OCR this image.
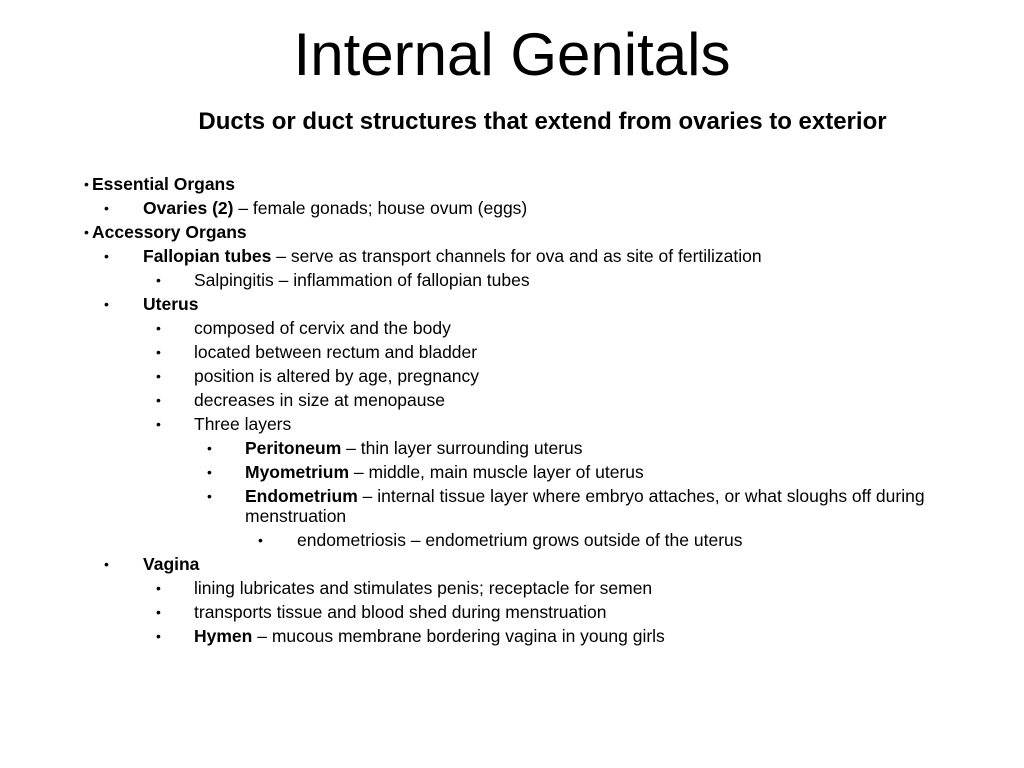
Internal Genitals
Ducts or duct structures that extend from ovaries to exterior
• Essential Organs
• Ovaries (2) – female gonads; house ovum (eggs)
• Accessory Organs
• Fallopian tubes – serve as transport channels for ova and as site of fertilization
• Salpingitis – inflammation of fallopian tubes
• Uterus
• composed of cervix and the body
• located between rectum and bladder
• position is altered by age, pregnancy
• decreases in size at menopause
• Three layers
• Peritoneum – thin layer surrounding uterus
• Myometrium – middle, main muscle layer of uterus
• Endometrium – internal tissue layer where embryo attaches, or what sloughs off during menstruation
• endometriosis – endometrium grows outside of the uterus
• Vagina
• lining lubricates and stimulates penis; receptacle for semen
• transports tissue and blood shed during menstruation
• Hymen – mucous membrane bordering vagina in young girls
